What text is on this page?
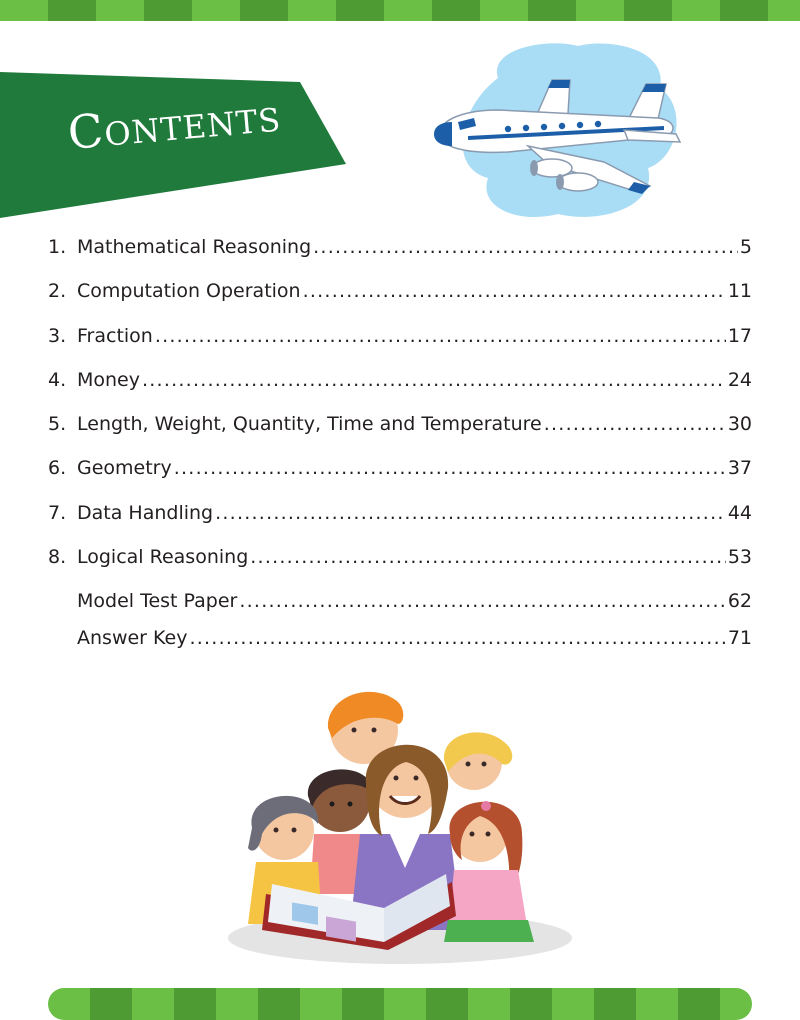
Contents
1. Mathematical Reasoning . . .	5
2. Computation Operation . . .	11
3. Fraction . . .	17
4. Money . . .	24
5. Length, Weight, Quantity, Time and Temperature . . .	30
6. Geometry . . .	37
7. Data Handling . . .	44
8. Logical Reasoning . . .	53
Model Test Paper . . .	62
Answer Key . . .	71
